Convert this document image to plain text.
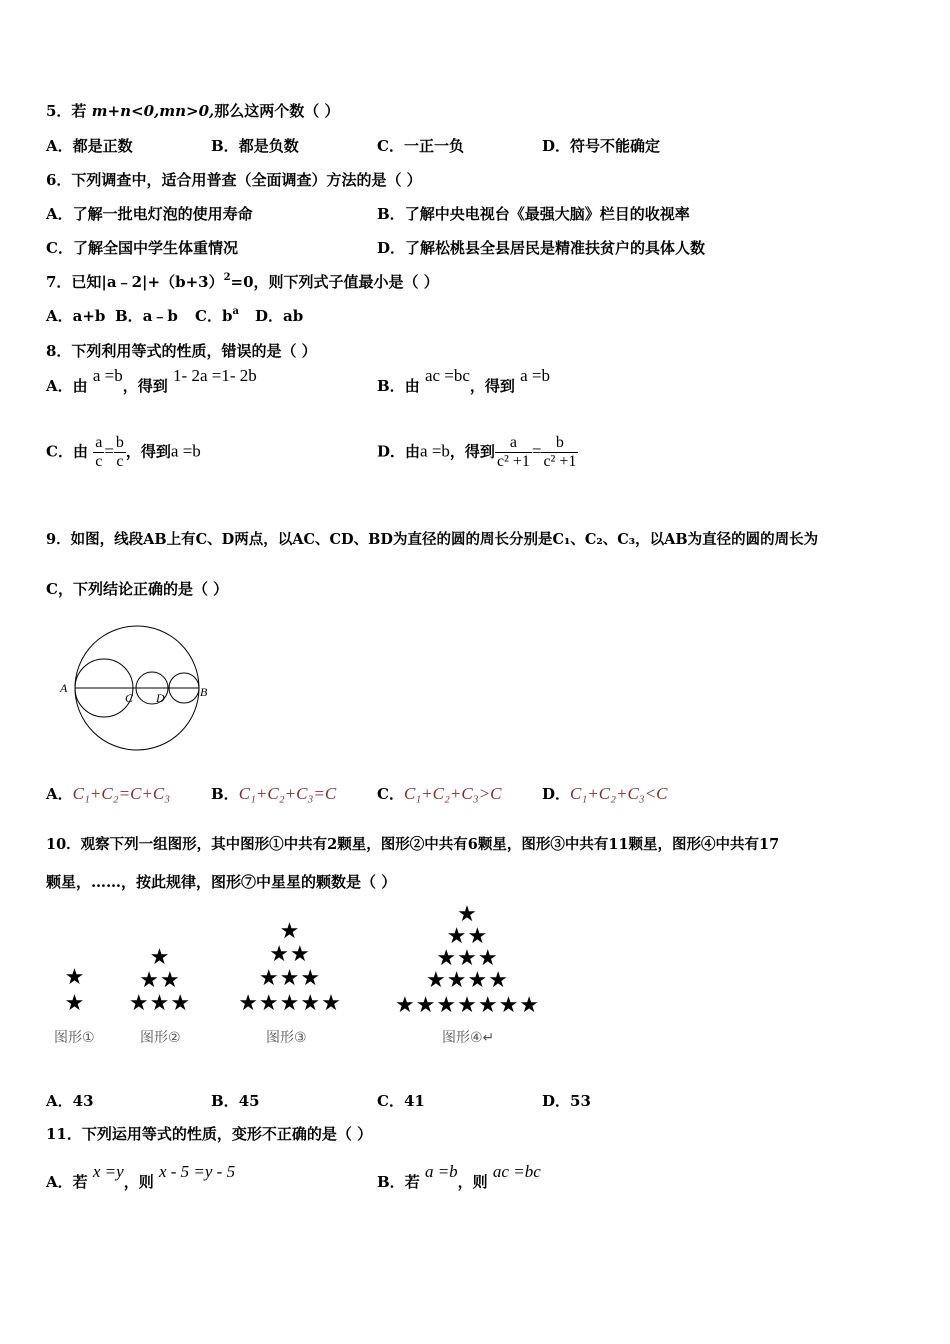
5．若 m+n<0,mn>0,那么这两个数（ ）
A．都是正数	B．都是负数	C．一正一负	D．符号不能确定
6．下列调查中，适合用普查（全面调查）方法的是（ ）
A．了解一批电灯泡的使用寿命	B．了解中央电视台《最强大脑》栏目的收视率
C．了解全国中学生体重情况	D．了解松桃县全县居民是精准扶贫户的具体人数
7．已知$|a﹣2|+(b+3)^2=0$，则下列式子值最小是（ ）
A．a+b B．a﹣b C．$b^a$ D．ab
8．下列利用等式的性质，错误的是（ ）
A．由 a =b，得到 1- 2a =1- 2b
B．由 ac =bc，得到 a =b
C．由 $\frac{a}{c} = \frac{b}{c}$ ，得到a =b	D．由a =b，得到 $\frac{a}{\text{c² +1}} = \frac{b}{\text{c² +1}}$
9．如图，线段AB上有C、D两点，以AC、CD、BD为直径的圆的周长分别是C₁、C₂、C₃，以AB为直径的圆的周长为
C，下列结论正确的是（ ）
A
C D	B
A．C₁+C₂=C+C₃	B．C₁+C₂+C₃=C	C．C₁+C₂+C₃>C	D．C₁+C₂+C₃<C
10．观察下列一组图形，其中图形①中共有2颗星，图形②中共有6颗星，图形③中共有11颗星，图形④中共有17
颗星，……，按此规律，图形⑦中星星的颗数是（ ）
★
★
图形①
★
★★
★★★
图形②
★
★★
★★★
★★★★★
图形③
★
★★
★★★
★★★★
★★★★★★★
图形④↵
A．43	B．45	C．41	D．53
11．下列运用等式的性质，变形不正确的是（ ）
A．若 x =y，则 x - 5 =y - 5
B．若 a =b，则 ac =bc
